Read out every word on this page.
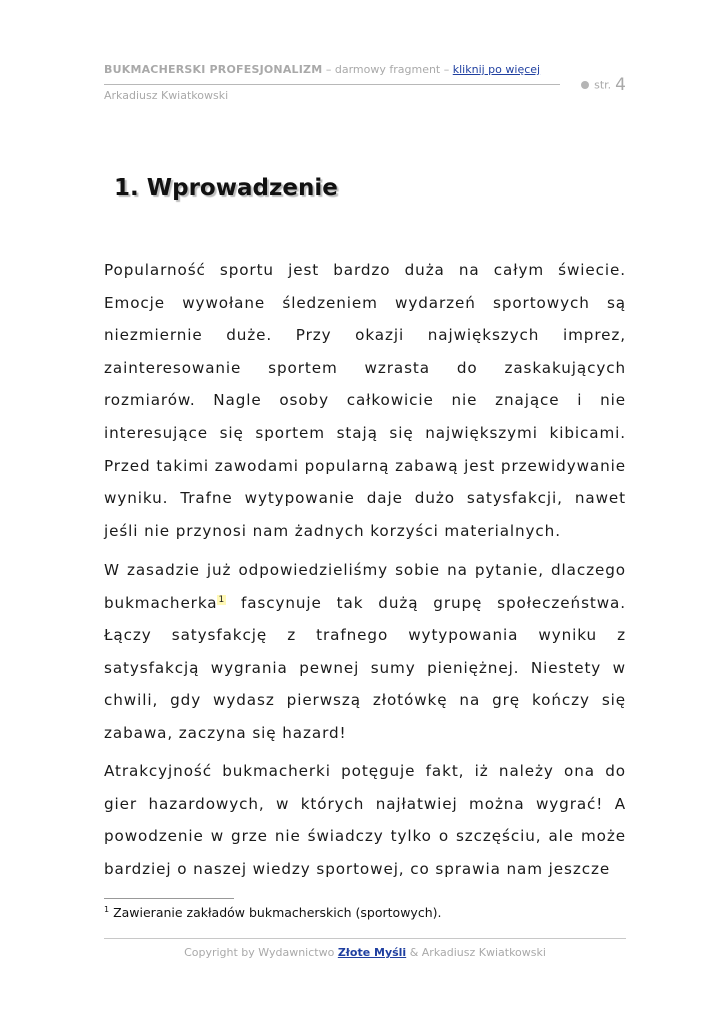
BUKMACHERSKI PROFESJONALIZM – darmowy fragment – kliknij po więcej
Arkadiusz Kwiatkowski
str. 4
1. Wprowadzenie

Popularność sportu jest bardzo duża na całym świecie. Emocje wywołane śledzeniem wydarzeń sportowych są niezmiernie duże. Przy okazji największych imprez, zainteresowanie sportem wzrasta do zaskakujących rozmiarów. Nagle osoby całkowicie nie znające i nie interesujące się sportem stają się największymi kibicami. Przed takimi zawodami popularną zabawą jest przewidywanie wyniku. Trafne wytypowanie daje dużo satysfakcji, nawet jeśli nie przynosi nam żadnych korzyści materialnych.

W zasadzie już odpowiedzieliśmy sobie na pytanie, dlaczego bukmacherka$^1$ fascynuje tak dużą grupę społeczeństwa. Łączy satysfakcję z trafnego wytypowania wyniku z satysfakcją wygrania pewnej sumy pieniężnej. Niestety w chwili, gdy wydasz pierwszą złotówkę na grę kończy się zabawa, zaczyna się hazard!

Atrakcyjność bukmacherki potęguje fakt, iż należy ona do gier hazardowych, w których najłatwiej można wygrać! A powodzenie w grze nie świadczy tylko o szczęściu, ale może bardziej o naszej wiedzy sportowej, co sprawia nam jeszcze

$^1$ Zawieranie zakładów bukmacherskich (sportowych).
Copyright by Wydawnictwo Złote Myśli & Arkadiusz Kwiatkowski
